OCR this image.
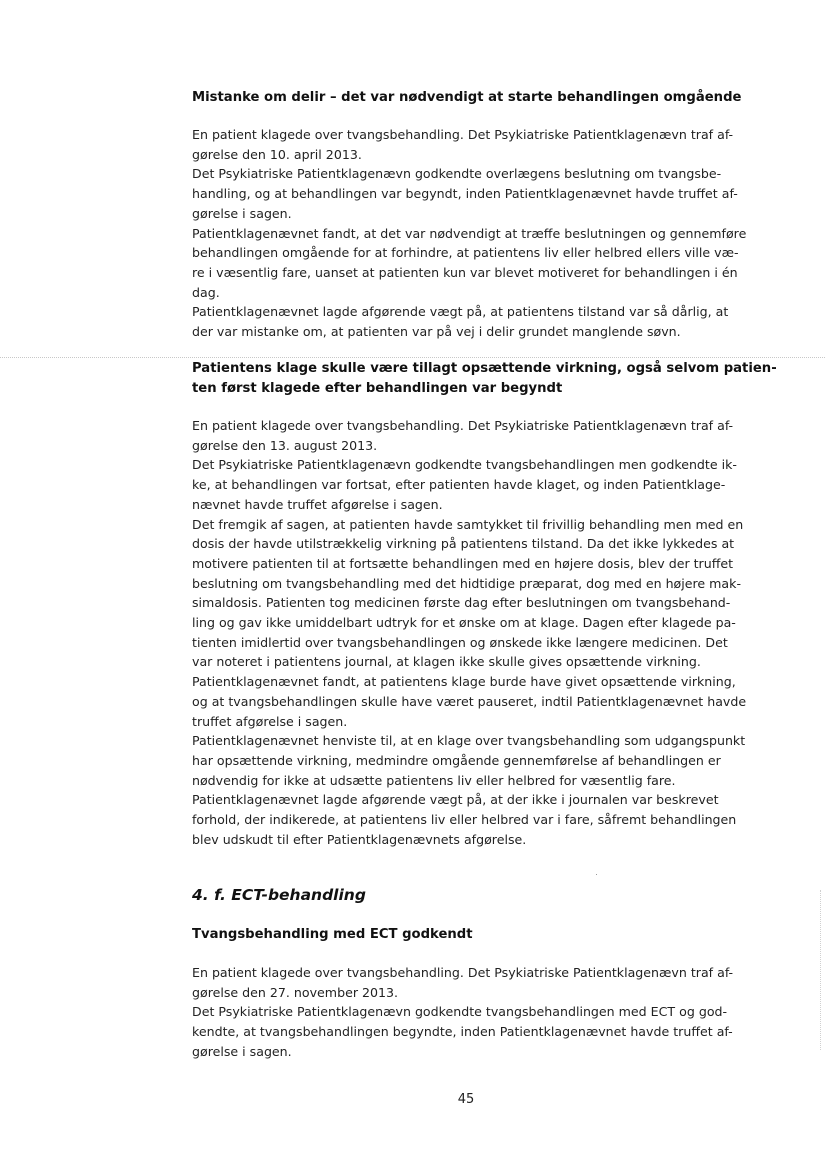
Mistanke om delir – det var nødvendigt at starte behandlingen omgående
En patient klagede over tvangsbehandling. Det Psykiatriske Patientklagenævn traf af-
gørelse den 10. april 2013.
Det Psykiatriske Patientklagenævn godkendte overlægens beslutning om tvangsbe-
handling, og at behandlingen var begyndt, inden Patientklagenævnet havde truffet af-
gørelse i sagen.
Patientklagenævnet fandt, at det var nødvendigt at træffe beslutningen og gennemføre
behandlingen omgående for at forhindre, at patientens liv eller helbred ellers ville væ-
re i væsentlig fare, uanset at patienten kun var blevet motiveret for behandlingen i én
dag.
Patientklagenævnet lagde afgørende vægt på, at patientens tilstand var så dårlig, at
der var mistanke om, at patienten var på vej i delir grundet manglende søvn.
Patientens klage skulle være tillagt opsættende virkning, også selvom patien-
ten først klagede efter behandlingen var begyndt
En patient klagede over tvangsbehandling. Det Psykiatriske Patientklagenævn traf af-
gørelse den 13. august 2013.
Det Psykiatriske Patientklagenævn godkendte tvangsbehandlingen men godkendte ik-
ke, at behandlingen var fortsat, efter patienten havde klaget, og inden Patientklage-
nævnet havde truffet afgørelse i sagen.
Det fremgik af sagen, at patienten havde samtykket til frivillig behandling men med en
dosis der havde utilstrækkelig virkning på patientens tilstand. Da det ikke lykkedes at
motivere patienten til at fortsætte behandlingen med en højere dosis, blev der truffet
beslutning om tvangsbehandling med det hidtidige præparat, dog med en højere mak-
simaldosis. Patienten tog medicinen første dag efter beslutningen om tvangsbehand-
ling og gav ikke umiddelbart udtryk for et ønske om at klage. Dagen efter klagede pa-
tienten imidlertid over tvangsbehandlingen og ønskede ikke længere medicinen. Det
var noteret i patientens journal, at klagen ikke skulle gives opsættende virkning.
Patientklagenævnet fandt, at patientens klage burde have givet opsættende virkning,
og at tvangsbehandlingen skulle have været pauseret, indtil Patientklagenævnet havde
truffet afgørelse i sagen.
Patientklagenævnet henviste til, at en klage over tvangsbehandling som udgangspunkt
har opsættende virkning, medmindre omgående gennemførelse af behandlingen er
nødvendig for ikke at udsætte patientens liv eller helbred for væsentlig fare.
Patientklagenævnet lagde afgørende vægt på, at der ikke i journalen var beskrevet
forhold, der indikerede, at patientens liv eller helbred var i fare, såfremt behandlingen
blev udskudt til efter Patientklagenævnets afgørelse.
4. f. ECT-behandling
Tvangsbehandling med ECT godkendt
En patient klagede over tvangsbehandling. Det Psykiatriske Patientklagenævn traf af-
gørelse den 27. november 2013.
Det Psykiatriske Patientklagenævn godkendte tvangsbehandlingen med ECT og god-
kendte, at tvangsbehandlingen begyndte, inden Patientklagenævnet havde truffet af-
gørelse i sagen.
45
